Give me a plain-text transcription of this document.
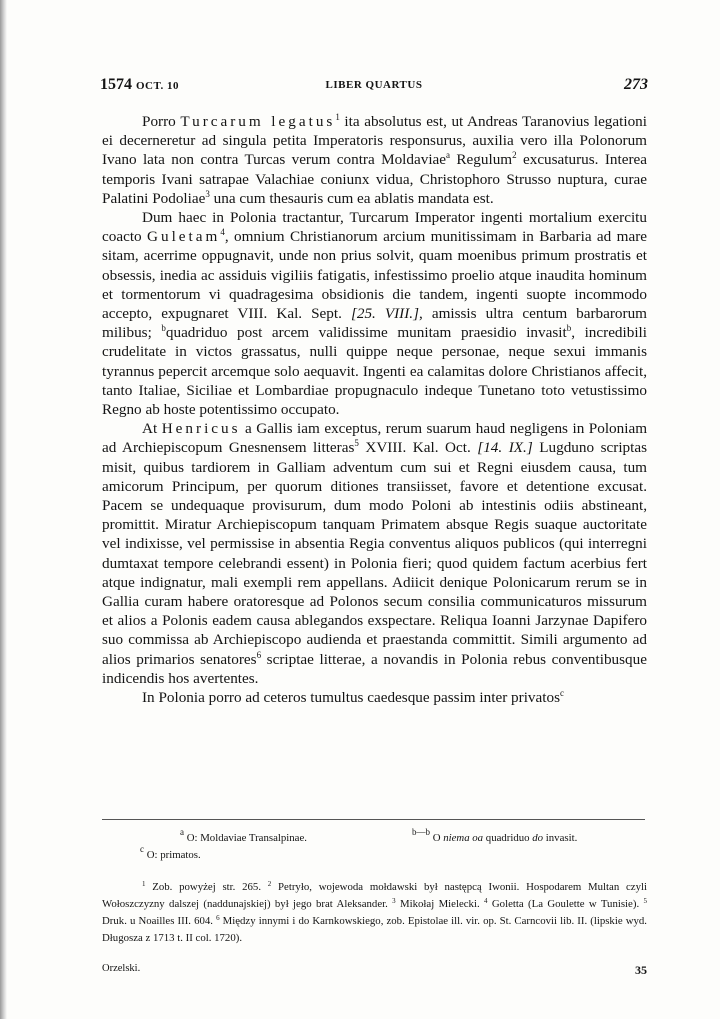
1574 OCT. 10	LIBER QUARTUS	273

Porro Turcarum legatus$^1$ ita absolutus est, ut Andreas Taranovius legationi ei decerneretur ad singula petita Imperatoris responsurus, auxilia vero illa Polonorum Ivano lata non contra Turcas verum contra Moldaviae$^a$ Regulum$^2$ excusaturus. Interea temporis Ivani satrapae Valachiae coniunx vidua, Christophoro Strusso nuptura, curae Palatini Podoliae$^3$ una cum thesauris cum ea ablatis mandata est.

Dum haec in Polonia tractantur, Turcarum Imperator ingenti mortalium exercitu coacto Guletam$^4$, omnium Christianorum arcium munitissimam in Barbaria ad mare sitam, acerrime oppugnavit, unde non prius solvit, quam moenibus primum prostratis et obsessis, inedia ac assiduis vigiliis fatigatis, infestissimo proelio atque inaudita hominum et tormentorum vi quadragesima obsidionis die tandem, ingenti suopte incommodo accepto, expugnaret VIII. Kal. Sept. [25. VIII.], amissis ultra centum barbarorum milibus; $^b$quadriduo post arcem validissime munitam praesidio invasit$^b$, incredibili crudelitate in victos grassatus, nulli quippe neque personae, neque sexui immanis tyrannus pepercit arcemque solo aequavit. Ingenti ea calamitas dolore Christianos affecit, tanto Italiae, Siciliae et Lombardiae propugnaculo indeque Tunetano toto vetustissimo Regno ab hoste potentissimo occupato.

At Henricus a Gallis iam exceptus, rerum suarum haud negligens in Poloniam ad Archiepiscopum Gnesnensem litteras$^5$ XVIII. Kal. Oct. [14. IX.] Lugduno scriptas misit, quibus tardiorem in Galliam adventum cum sui et Regni eiusdem causa, tum amicorum Principum, per quorum ditiones transiisset, favore et detentione excusat. Pacem se undequaque provisurum, dum modo Poloni ab intestinis odiis abstineant, promittit. Miratur Archiepiscopum tanquam Primatem absque Regis suaque auctoritate vel indixisse, vel permissise in absentia Regia conventus aliquos publicos (qui interregni dumtaxat tempore celebrandi essent) in Polonia fieri; quod quidem factum acerbius fert atque indignatur, mali exempli rem appellans. Adiicit denique Polonicarum rerum se in Gallia curam habere oratoresque ad Polonos secum consilia communicaturos missurum et alios a Polonis eadem causa ablegandos exspectare. Reliqua Ioanni Jarzynae Dapifero suo commissa ab Archiepiscopo audienda et praestanda committit. Simili argumento ad alios primarios senatores$^6$ scriptae litterae, a novandis in Polonia rebus conventibusque indicendis hos avertentes.

In Polonia porro ad ceteros tumultus caedesque passim inter privatos$^c$

$^a$ O: Moldaviae Transalpinae.	$^{b—b}$ O niema oa quadriduo do invasit.
$^c$ O: primatos.

$^1$ Zob. powyżej str. 265. $^2$ Petryło, wojewoda mołdawski był następcą Iwonii. Hospodarem Multan czyli Wołoszczyzny dalszej (naddunajskiej) był jego brat Aleksander. $^3$ Mikołaj Mielecki. $^4$ Goletta (La Goulette w Tunisie). $^5$ Druk. u Noailles III. 604. $^6$ Między innymi i do Karnkowskiego, zob. Epistolae ill. vir. op. St. Carncovii lib. II. (lipskie wyd. Długosza z 1713 t. II col. 1720).

Orzelski.	35
